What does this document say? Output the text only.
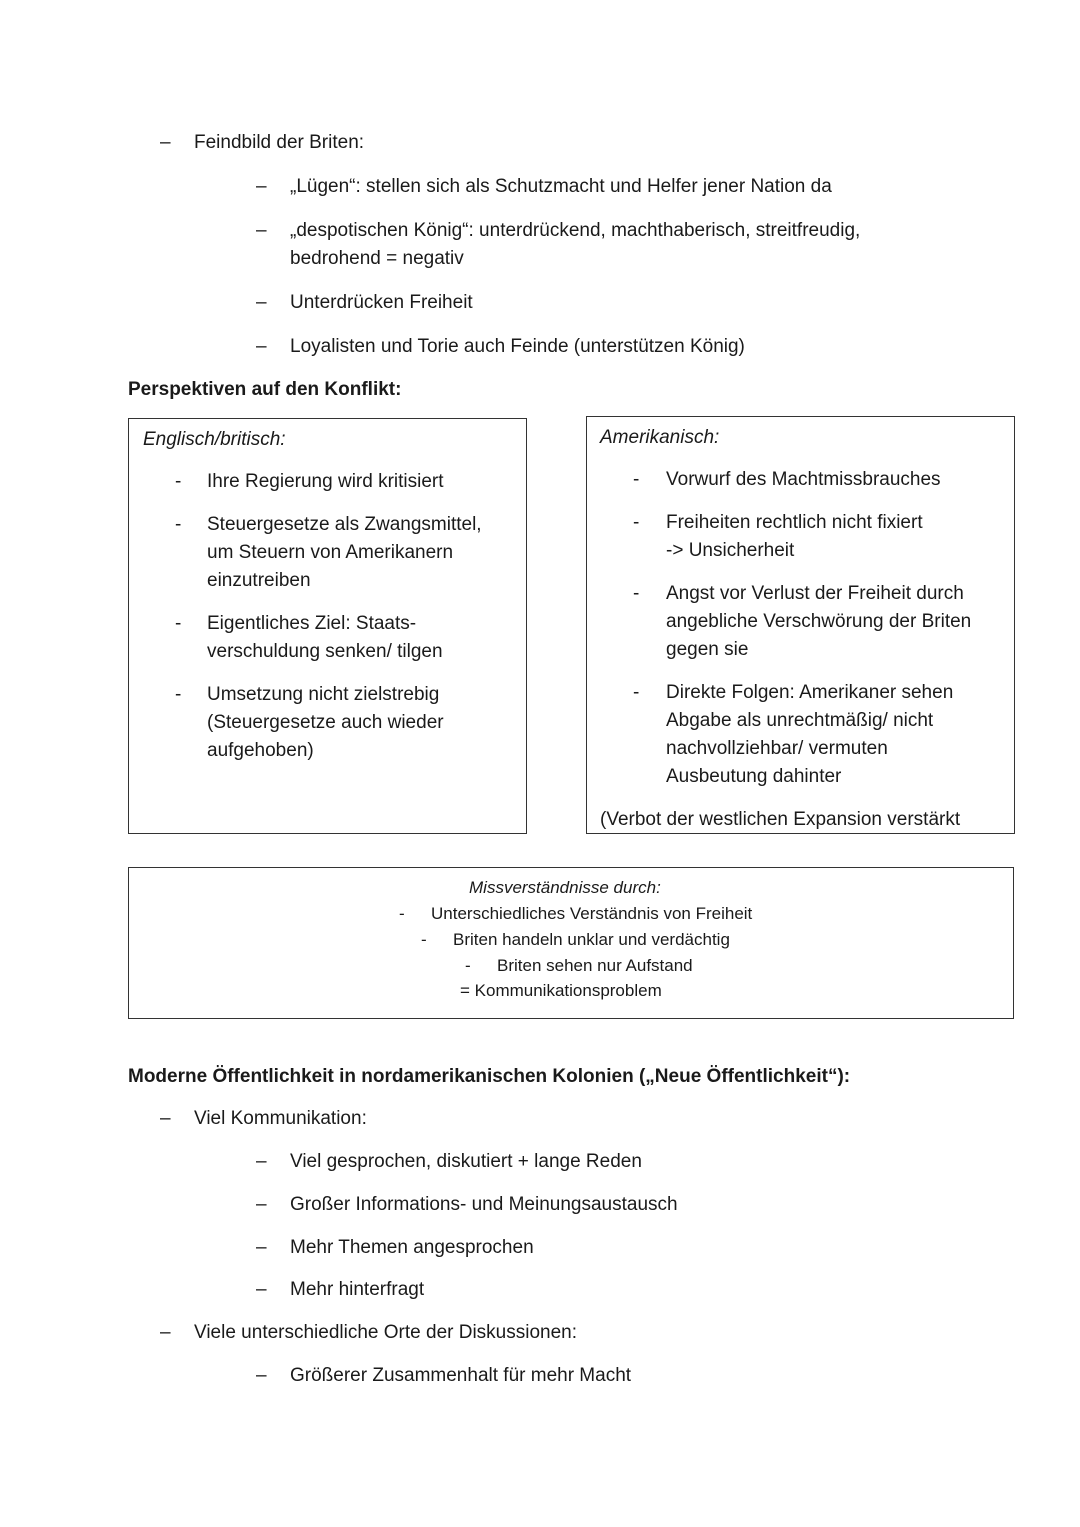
– Feindbild der Briten:
– „Lügen“: stellen sich als Schutzmacht und Helfer jener Nation da
– „despotischen König“: unterdrückend, machthaberisch, streitfreudig,
bedrohend = negativ
– Unterdrücken Freiheit
– Loyalisten und Torie auch Feinde (unterstützen König)
Perspektiven auf den Konflikt:
Englisch/britisch:
- Ihre Regierung wird kritisiert
- Steuergesetze als Zwangsmittel,
um Steuern von Amerikanern
einzutreiben
- Eigentliches Ziel: Staats-
verschuldung senken/ tilgen
- Umsetzung nicht zielstrebig
(Steuergesetze auch wieder
aufgehoben)
Amerikanisch:
- Vorwurf des Machtmissbrauches
- Freiheiten rechtlich nicht fixiert
-> Unsicherheit
- Angst vor Verlust der Freiheit durch
angebliche Verschwörung der Briten
gegen sie
- Direkte Folgen: Amerikaner sehen
Abgabe als unrechtmäßig/ nicht
nachvollziehbar/ vermuten
Ausbeutung dahinter
(Verbot der westlichen Expansion verstärkt
Missverständnisse durch:
- Unterschiedliches Verständnis von Freiheit
- Briten handeln unklar und verdächtig
- Briten sehen nur Aufstand
= Kommunikationsproblem
Moderne Öffentlichkeit in nordamerikanischen Kolonien („Neue Öffentlichkeit“):
– Viel Kommunikation:
– Viel gesprochen, diskutiert + lange Reden
– Großer Informations- und Meinungsaustausch
– Mehr Themen angesprochen
– Mehr hinterfragt
– Viele unterschiedliche Orte der Diskussionen:
– Größerer Zusammenhalt für mehr Macht
